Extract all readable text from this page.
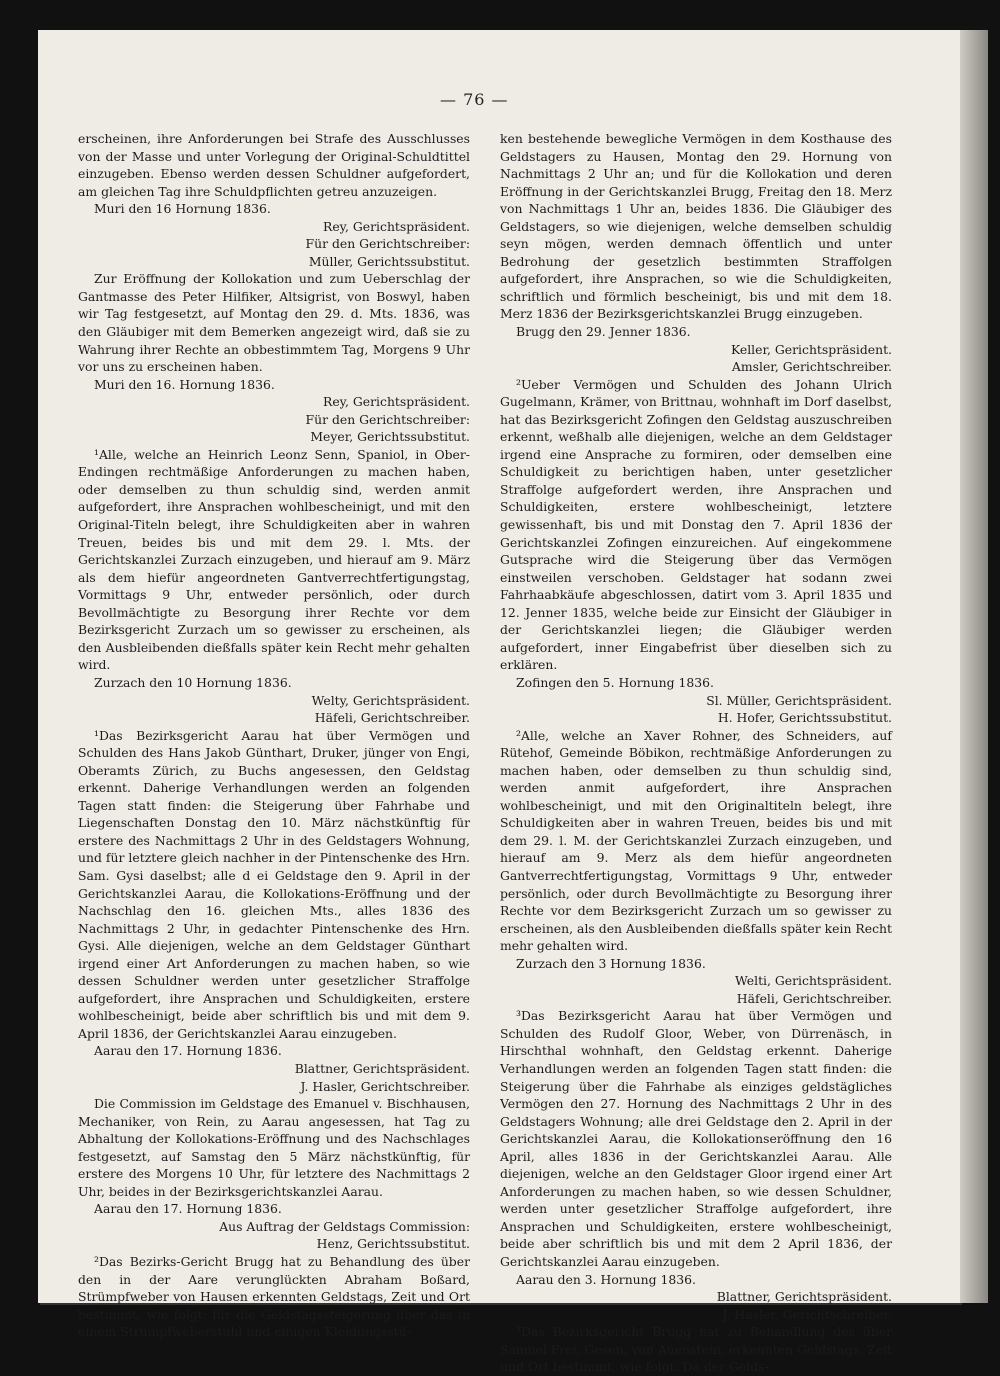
— 76 —

erscheinen, ihre Anforderungen bei Strafe des Ausschlusses von der Masse und unter Vorlegung der Original-Schuldtittel einzugeben. Ebenso werden dessen Schuldner aufgefordert, am gleichen Tag ihre Schuldpflichten getreu anzuzeigen.

Muri den 16 Hornung 1836.

Rey, Gerichtspräsident.

Für den Gerichtschreiber:

Müller, Gerichtssubstitut.

Zur Eröffnung der Kollokation und zum Ueberschlag der Gantmasse des Peter Hilfiker, Altsigrist, von Boswyl, haben wir Tag festgesetzt, auf Montag den 29. d. Mts. 1836, was den Gläubiger mit dem Bemerken angezeigt wird, daß sie zu Wahrung ihrer Rechte an obbestimmtem Tag, Morgens 9 Uhr vor uns zu erscheinen haben.

Muri den 16. Hornung 1836.

Rey, Gerichtspräsident.

Für den Gerichtschreiber:

Meyer, Gerichtssubstitut.

¹Alle, welche an Heinrich Leonz Senn, Spaniol, in Ober-Endingen rechtmäßige Anforderungen zu machen haben, oder demselben zu thun schuldig sind, werden anmit aufgefordert, ihre Ansprachen wohlbescheinigt, und mit den Original-Titeln belegt, ihre Schuldigkeiten aber in wahren Treuen, beides bis und mit dem 29. l. Mts. der Gerichtskanzlei Zurzach einzugeben, und hierauf am 9. März als dem hiefür angeordneten Gantverrechtfertigungstag, Vormittags 9 Uhr, entweder persönlich, oder durch Bevollmächtigte zu Besorgung ihrer Rechte vor dem Bezirksgericht Zurzach um so gewisser zu erscheinen, als den Ausbleibenden dießfalls später kein Recht mehr gehalten wird.

Zurzach den 10 Hornung 1836.

Welty, Gerichtspräsident.

Häfeli, Gerichtschreiber.

¹Das Bezirksgericht Aarau hat über Vermögen und Schulden des Hans Jakob Günthart, Druker, jünger von Engi, Oberamts Zürich, zu Buchs angesessen, den Geldstag erkennt. Daherige Verhandlungen werden an folgenden Tagen statt finden: die Steigerung über Fahrhabe und Liegenschaften Donstag den 10. März nächstkünftig für erstere des Nachmittags 2 Uhr in des Geldstagers Wohnung, und für letztere gleich nachher in der Pintenschenke des Hrn. Sam. Gysi daselbst; alle d ei Geldstage den 9. April in der Gerichtskanzlei Aarau, die Kollokations-Eröffnung und der Nachschlag den 16. gleichen Mts., alles 1836 des Nachmittags 2 Uhr, in gedachter Pintenschenke des Hrn. Gysi. Alle diejenigen, welche an dem Geldstager Günthart irgend einer Art Anforderungen zu machen haben, so wie dessen Schuldner werden unter gesetzlicher Straffolge aufgefordert, ihre Ansprachen und Schuldigkeiten, erstere wohlbescheinigt, beide aber schriftlich bis und mit dem 9. April 1836, der Gerichtskanzlei Aarau einzugeben.

Aarau den 17. Hornung 1836.

Blattner, Gerichtspräsident.

J. Hasler, Gerichtschreiber.

Die Commission im Geldstage des Emanuel v. Bischhausen, Mechaniker, von Rein, zu Aarau angesessen, hat Tag zu Abhaltung der Kollokations-Eröffnung und des Nachschlages festgesetzt, auf Samstag den 5 März nächstkünftig, für erstere des Morgens 10 Uhr, für letztere des Nachmittags 2 Uhr, beides in der Bezirksgerichtskanzlei Aarau.

Aarau den 17. Hornung 1836.

Aus Auftrag der Geldstags Commission:

Henz, Gerichtssubstitut.

²Das Bezirks-Gericht Brugg hat zu Behandlung des über den in der Aare verunglückten Abraham Boßard, Strümpfweber von Hausen erkennten Geldstags, Zeit und Ort bestimmt, wie folgt: für die Geldstagssteigerung über das in einem Strümpfweberstuhl und einigen Kleidungsstü-

ken bestehende bewegliche Vermögen in dem Kosthause des Geldstagers zu Hausen, Montag den 29. Hornung von Nachmittags 2 Uhr an; und für die Kollokation und deren Eröffnung in der Gerichtskanzlei Brugg, Freitag den 18. Merz von Nachmittags 1 Uhr an, beides 1836. Die Gläubiger des Geldstagers, so wie diejenigen, welche demselben schuldig seyn mögen, werden demnach öffentlich und unter Bedrohung der gesetzlich bestimmten Straffolgen aufgefordert, ihre Ansprachen, so wie die Schuldigkeiten, schriftlich und förmlich bescheinigt, bis und mit dem 18. Merz 1836 der Bezirksgerichtskanzlei Brugg einzugeben.

Brugg den 29. Jenner 1836.

Keller, Gerichtspräsident.

Amsler, Gerichtschreiber.

²Ueber Vermögen und Schulden des Johann Ulrich Gugelmann, Krämer, von Brittnau, wohnhaft im Dorf daselbst, hat das Bezirksgericht Zofingen den Geldstag auszuschreiben erkennt, weßhalb alle diejenigen, welche an dem Geldstager irgend eine Ansprache zu formiren, oder demselben eine Schuldigkeit zu berichtigen haben, unter gesetzlicher Straffolge aufgefordert werden, ihre Ansprachen und Schuldigkeiten, erstere wohlbescheinigt, letztere gewissenhaft, bis und mit Donstag den 7. April 1836 der Gerichtskanzlei Zofingen einzureichen. Auf eingekommene Gutsprache wird die Steigerung über das Vermögen einstweilen verschoben. Geldstager hat sodann zwei Fahrhaabkäufe abgeschlossen, datirt vom 3. April 1835 und 12. Jenner 1835, welche beide zur Einsicht der Gläubiger in der Gerichtskanzlei liegen; die Gläubiger werden aufgefordert, inner Eingabefrist über dieselben sich zu erklären.

Zofingen den 5. Hornung 1836.

Sl. Müller, Gerichtspräsident.

H. Hofer, Gerichtssubstitut.

²Alle, welche an Xaver Rohner, des Schneiders, auf Rütehof, Gemeinde Böbikon, rechtmäßige Anforderungen zu machen haben, oder demselben zu thun schuldig sind, werden anmit aufgefordert, ihre Ansprachen wohlbescheinigt, und mit den Originaltiteln belegt, ihre Schuldigkeiten aber in wahren Treuen, beides bis und mit dem 29. l. M. der Gerichtskanzlei Zurzach einzugeben, und hierauf am 9. Merz als dem hiefür angeordneten Gantverrechtfertigungstag, Vormittags 9 Uhr, entweder persönlich, oder durch Bevollmächtigte zu Besorgung ihrer Rechte vor dem Bezirksgericht Zurzach um so gewisser zu erscheinen, als den Ausbleibenden dießfalls später kein Recht mehr gehalten wird.

Zurzach den 3 Hornung 1836.

Welti, Gerichtspräsident.

Häfeli, Gerichtschreiber.

³Das Bezirksgericht Aarau hat über Vermögen und Schulden des Rudolf Gloor, Weber, von Dürrenäsch, in Hirschthal wohnhaft, den Geldstag erkennt. Daherige Verhandlungen werden an folgenden Tagen statt finden: die Steigerung über die Fahrhabe als einziges geldstägliches Vermögen den 27. Hornung des Nachmittags 2 Uhr in des Geldstagers Wohnung; alle drei Geldstage den 2. April in der Gerichtskanzlei Aarau, die Kollokationseröffnung den 16 April, alles 1836 in der Gerichtskanzlei Aarau. Alle diejenigen, welche an den Geldstager Gloor irgend einer Art Anforderungen zu machen haben, so wie dessen Schuldner, werden unter gesetzlicher Straffolge aufgefordert, ihre Ansprachen und Schuldigkeiten, erstere wohlbescheinigt, beide aber schriftlich bis und mit dem 2 April 1836, der Gerichtskanzlei Aarau einzugeben.

Aarau den 3. Hornung 1836.

Blattner, Gerichtspräsident.

J. Hasler, Gerichtschreiber.

³Das Bezirksgericht Brugg hat zu Behandlung des über Samuel Frei, Gesen, von Auenstein, erkennten Geldstags, Zeit und Ort bestimmt, wie folgt: Da der Gelds-
